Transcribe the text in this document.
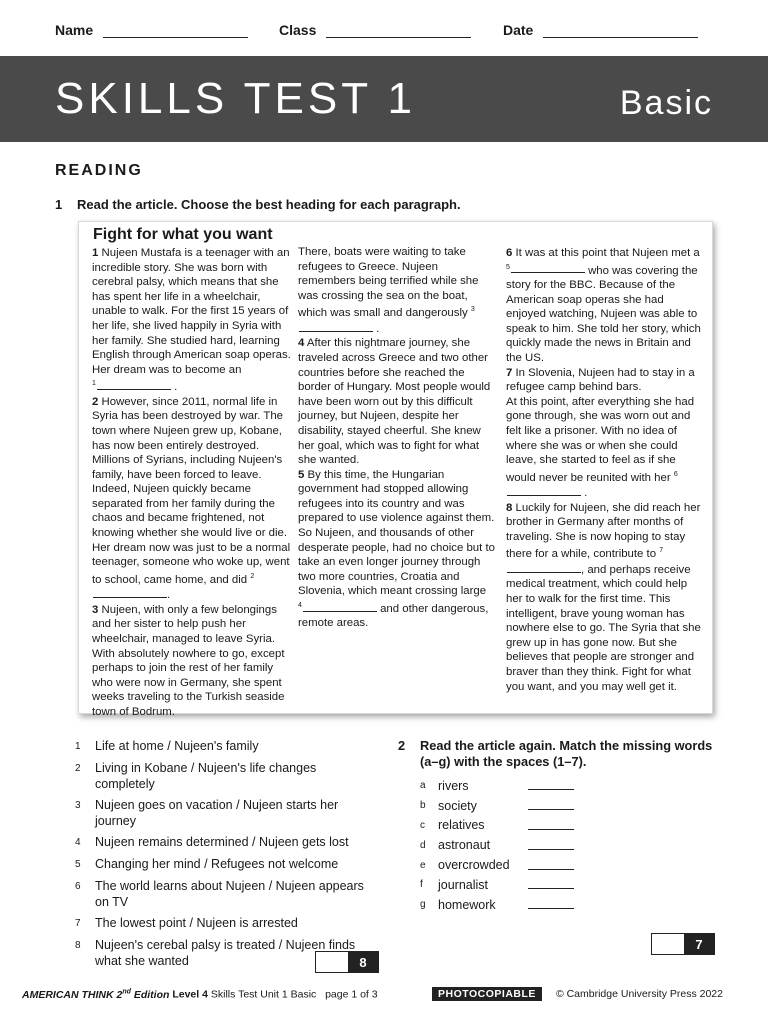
Name	Class	Date
SKILLS TEST 1	Basic
READING
1 Read the article. Choose the best heading for each paragraph.
Fight for what you want

1 Nujeen Mustafa is a teenager with an incredible story. She was born with cerebral palsy, which means that she has spent her life in a wheelchair, unable to walk. For the first 15 years of her life, she lived happily in Syria with her family. She studied hard, learning English through American soap operas. Her dream was to become an
$^1$	.

2 However, since 2011, normal life in Syria has been destroyed by war. The town where Nujeen grew up, Kobane, has now been entirely destroyed. Millions of Syrians, including Nujeen's family, have been forced to leave. Indeed, Nujeen quickly became separated from her family during the chaos and became frightened, not knowing whether she would live or die. Her dream now was just to be a normal teenager, someone who woke up, went to school, came home, and did $^2$.

3 Nujeen, with only a few belongings and her sister to help push her wheelchair, managed to leave Syria. With absolutely nowhere to go, except perhaps to join the rest of her family who were now in Germany, she spent weeks traveling to the Turkish seaside town of Bodrum.

6 It was at this point that Nujeen met a $^5$	who was covering the story for the BBC. Because of the American soap operas she had enjoyed watching, Nujeen was able to speak to him. She told her story, which quickly made the news in Britain and the US.

7 In Slovenia, Nujeen had to stay in a refugee camp behind bars.
At this point, after everything she had gone through, she was worn out and felt like a prisoner. With no idea of where she was or when she could leave, she started to feel as if she would never be reunited with her $^6$ .

8 Luckily for Nujeen, she did reach her brother in Germany after months of traveling. She is now hoping to stay there for a while, contribute to $^7$, and perhaps receive medical treatment, which could help her to walk for the first time. This intelligent, brave young woman has nowhere else to go. The Syria that she grew up in has gone now. But she believes that people are stronger and braver than they think. Fight for what you want, and you may well get it.

There, boats were waiting to take refugees to Greece. Nujeen remembers being terrified while she was crossing the sea on the boat, which was small and dangerously $^3$ .

4 After this nightmare journey, she traveled across Greece and two other countries before she reached the border of Hungary. Most people would have been worn out by this difficult journey, but Nujeen, despite her disability, stayed cheerful. She knew her goal, which was to fight for what she wanted.

5 By this time, the Hungarian government had stopped allowing refugees into its country and was prepared to use violence against them. So Nujeen, and thousands of other desperate people, had no choice but to take an even longer journey through two more countries, Croatia and Slovenia, which meant crossing large
$^4$	and other dangerous, remote areas.

1	Life at home / Nujeen's family
2	Living in Kobane / Nujeen's life changes completely
3	Nujeen goes on vacation / Nujeen starts her journey
4	Nujeen remains determined / Nujeen gets lost
5	Changing her mind / Refugees not welcome
6	The world learns about Nujeen / Nujeen appears on TV
7	The lowest point / Nujeen is arrested
8	Nujeen's cerebal palsy is treated / Nujeen finds what she wanted
2	Read the article again. Match the missing words (a–g) with the spaces (1–7).
a rivers
b society
c	relatives
d astronaut
e overcrowded
f	journalist
g homework
7
8
AMERICAN THINK 2nd Edition Level 4 Skills Test Unit 1 Basic page 1 of 3	PHOTOCOPIABLE	© Cambridge University Press 2022
